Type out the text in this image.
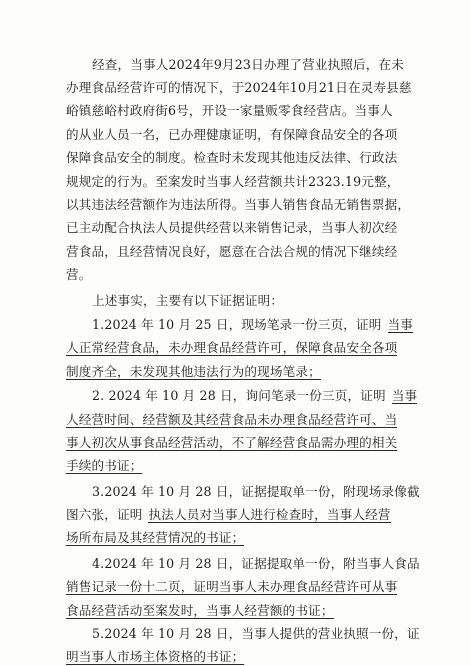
经查，当事人2024年9月23日办理了营业执照后，在未
办理食品经营许可的情况下，于2024年10月21日在灵寿县慈
峪镇慈峪村政府街6号，开设一家量贩零食经营店。当事人
的从业人员一名，已办理健康证明，有保障食品安全的各项
保障食品安全的制度。检查时未发现其他违反法律、行政法
规规定的行为。至案发时当事人经营额共计2323.19元整，
以其违法经营额作为违法所得。当事人销售食品无销售票据，
已主动配合执法人员提供经营以来销售记录，当事人初次经
营食品，且经营情况良好，愿意在合法合规的情况下继续经
营。
上述事实，主要有以下证据证明：
1.2024 年 10 月 25 日，现场笔录一份三页，证明 当事
人正常经营食品，未办理食品经营许可，保障食品安全各项
制度齐全，未发现其他违法行为的现场笔录；
2. 2024 年 10 月 28 日，询问笔录一份三页，证明 当事
人经营时间、经营额及其经营食品未办理食品经营许可、当
事人初次从事食品经营活动，不了解经营食品需办理的相关
手续的书证；
3.2024 年 10 月 28 日，证据提取单一份，附现场录像截
图六张，证明 执法人员对当事人进行检查时，当事人经营
场所布局及其经营情况的书证；
4.2024 年 10 月 28 日，证据提取单一份，附当事人食品
销售记录一份十二页，证明当事人未办理食品经营许可从事
食品经营活动至案发时，当事人经营额的书证；
5.2024 年 10 月 28 日，当事人提供的营业执照一份，证
明当事人市场主体资格的书证；
